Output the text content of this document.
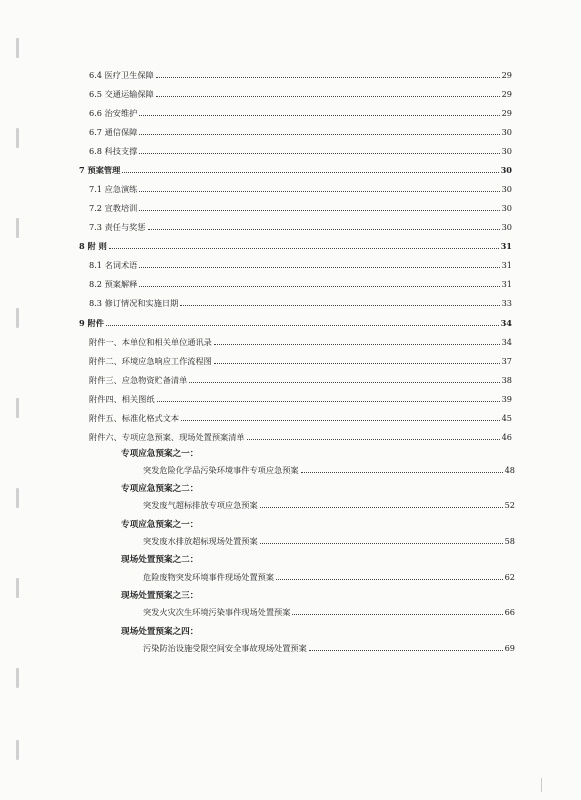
6.4 医疗卫生保障	29
6.5 交通运输保障	29
6.6 治安维护	29
6.7 通信保障	30
6.8 科技支撑	30
7 预案管理	30
7.1 应急演练	30
7.2 宣教培训	30
7.3 责任与奖惩	30
8 附 则	31
8.1 名词术语	31
8.2 预案解释	31
8.3 修订情况和实施日期	33
9 附件	34
附件一、本单位和相关单位通讯录	34
附件二、环境应急响应工作流程图	37
附件三、应急物资贮备清单	38
附件四、相关图纸	39
附件五、标准化格式文本	45
附件六、专项应急预案、现场处置预案清单	46
专项应急预案之一：
突发危险化学品污染环境事件专项应急预案	48
专项应急预案之二：
突发废气超标排放专项应急预案	52
专项应急预案之一：
突发废水排放超标现场处置预案	58
现场处置预案之二：
危险废物突发环境事件现场处置预案	62
现场处置预案之三：
突发火灾次生环境污染事件现场处置预案	66
现场处置预案之四：
污染防治设施受限空间安全事故现场处置预案	69
